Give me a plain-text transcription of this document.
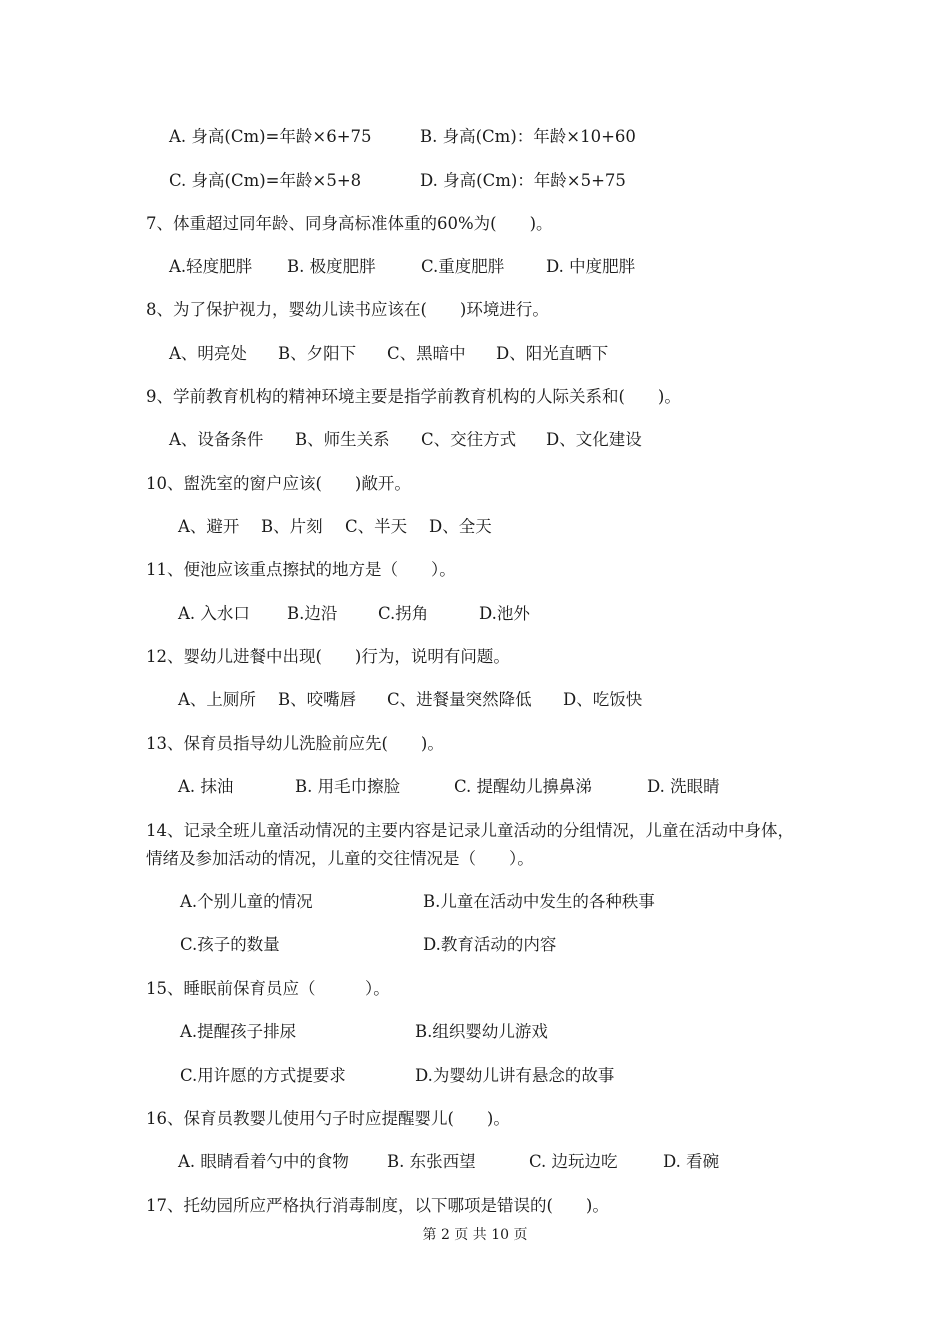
A. 身高(Cm)=年龄×6+75	B. 身高(Cm)：年龄×10+60

C. 身高(Cm)=年龄×5+8	D. 身高(Cm)：年龄×5+75

7、体重超过同年龄、同身高标准体重的60%为(　　)。

A.轻度肥胖 B. 极度肥胖	C.重度肥胖	D. 中度肥胖

8、为了保护视力，婴幼儿读书应该在(　　)环境进行。

A、明亮处 B、夕阳下 C、黑暗中 D、阳光直晒下

9、学前教育机构的精神环境主要是指学前教育机构的人际关系和(　　)。

A、设备条件 B、师生关系 C、交往方式 D、文化建设

10、盥洗室的窗户应该(　　)敞开。

A、避开 B、片刻 C、半天 D、全天

11、便池应该重点擦拭的地方是（　　）。

A. 入水口 B.边沿 C.拐角	D.池外

12、婴幼儿进餐中出现(　　)行为，说明有问题。

A、上厕所 B、咬嘴唇 C、进餐量突然降低 D、吃饭快

13、保育员指导幼儿洗脸前应先(　　)。

A. 抹油	B. 用毛巾擦脸	C. 提醒幼儿擤鼻涕	D. 洗眼睛

14、记录全班儿童活动情况的主要内容是记录儿童活动的分组情况，儿童在活动中身体，

情绪及参加活动的情况，儿童的交往情况是（　　）。

A.个别儿童的情况	B.儿童在活动中发生的各种秩事

C.孩子的数量	D.教育活动的内容

15、睡眠前保育员应（　　　）。

A.提醒孩子排尿	B.组织婴幼儿游戏

C.用许愿的方式提要求	D.为婴幼儿讲有悬念的故事

16、保育员教婴儿使用勺子时应提醒婴儿(　　)。

A. 眼睛看着勺中的食物 B. 东张西望	C. 边玩边吃	D. 看碗

17、托幼园所应严格执行消毒制度，以下哪项是错误的(　　)。

第 2 页 共 10 页
